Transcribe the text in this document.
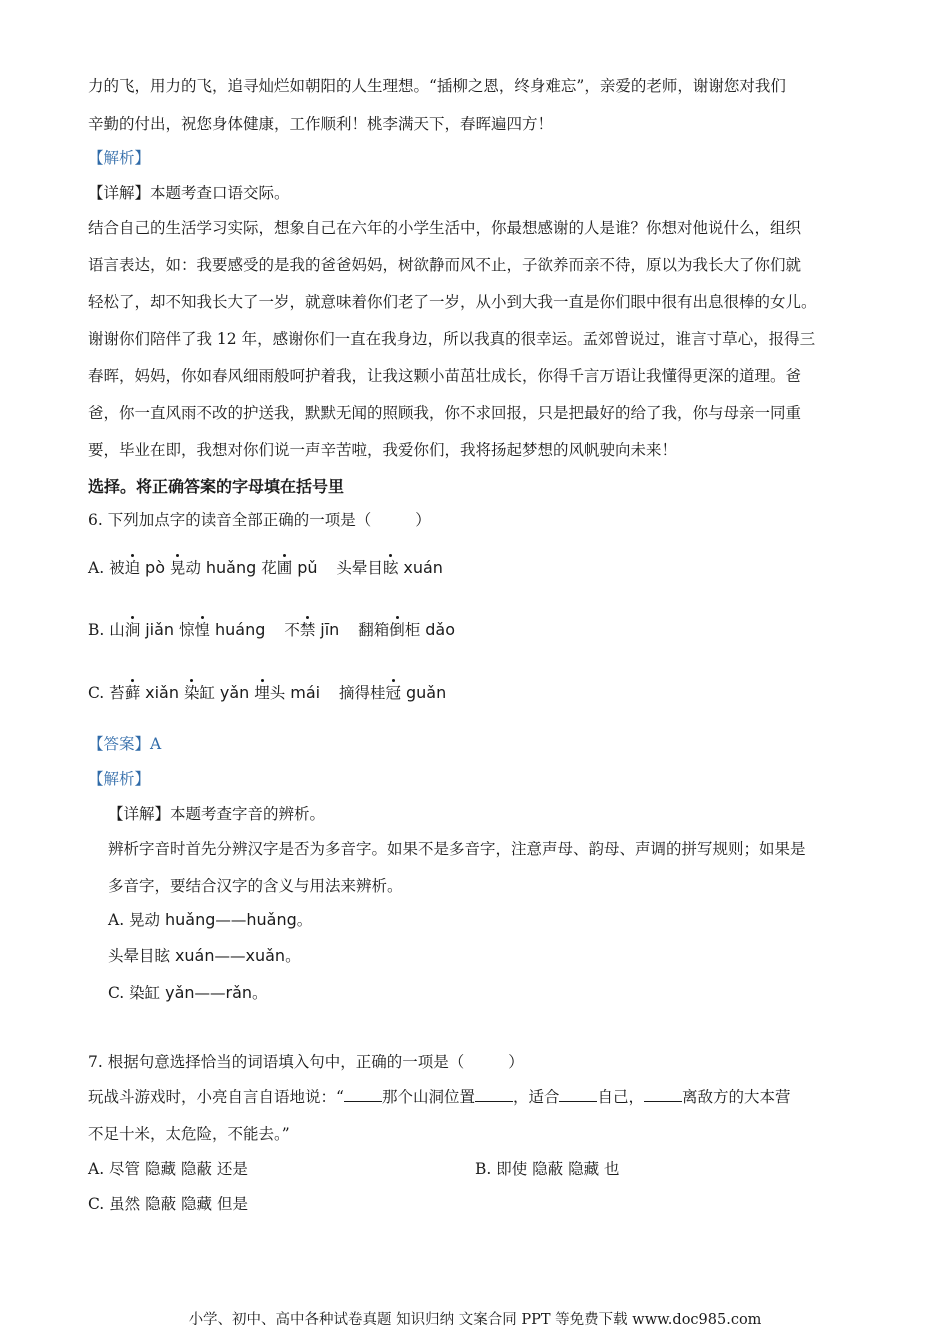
力的飞，用力的飞，追寻灿烂如朝阳的人生理想。“插柳之恩，终身难忘”，亲爱的老师，谢谢您对我们
辛勤的付出，祝您身体健康，工作顺利！桃李满天下，春晖遍四方！
【解析】
【详解】本题考查口语交际。
结合自己的生活学习实际，想象自己在六年的小学生活中，你最想感谢的人是谁？你想对他说什么，组织
语言表达，如：我要感受的是我的爸爸妈妈，树欲静而风不止，子欲养而亲不待，原以为我长大了你们就
轻松了，却不知我长大了一岁，就意味着你们老了一岁，从小到大我一直是你们眼中很有出息很棒的女儿。
谢谢你们陪伴了我 12 年，感谢你们一直在我身边，所以我真的很幸运。孟郊曾说过，谁言寸草心，报得三
春晖，妈妈，你如春风细雨般呵护着我，让我这颗小苗茁壮成长，你得千言万语让我懂得更深的道理。爸
爸，你一直风雨不改的护送我，默默无闻的照顾我，你不求回报，只是把最好的给了我，你与母亲一同重
要，毕业在即，我想对你们说一声辛苦啦，我爱你们，我将扬起梦想的风帆驶向未来！
选择。将正确答案的字母填在括号里
6. 下列加点字的读音全部正确的一项是（	）
A. 被迫 pò 晃动 huǎng 花圃 pǔ 头晕目眩 xuán
B. 山涧 jiǎn 惊惶 huáng 不禁 jīn 翻箱倒柜 dǎo
C. 苔藓 xiǎn 染缸 yǎn 埋头 mái 摘得桂冠 guǎn
【答案】A
【解析】
【详解】本题考查字音的辨析。
辨析字音时首先分辨汉字是否为多音字。如果不是多音字，注意声母、韵母、声调的拼写规则；如果是
多音字，要结合汉字的含义与用法来辨析。
A. 晃动 huǎng——huǎng。
头晕目眩 xuán——xuǎn。
C. 染缸 yǎn——rǎn。
7. 根据句意选择恰当的词语填入句中，正确的一项是（	）
玩战斗游戏时，小亮自言自语地说：“ 那个山洞位置 ，适合 自己， 离敌方的大本营
不足十米，太危险，不能去。”
A. 尽管 隐藏 隐蔽 还是	B. 即使 隐蔽 隐藏 也
C. 虽然 隐蔽 隐藏 但是
小学、初中、高中各种试卷真题 知识归纳 文案合同 PPT 等免费下载 www.doc985.com
